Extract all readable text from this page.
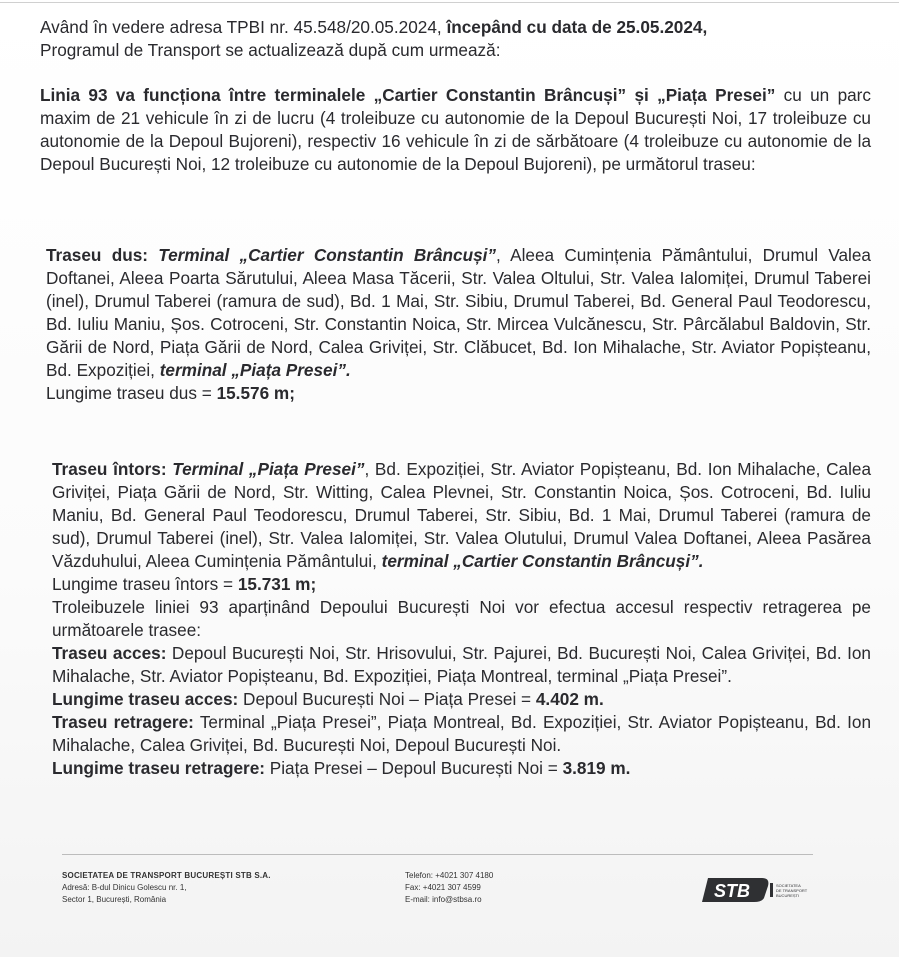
Având în vedere adresa TPBI nr. 45.548/20.05.2024, începând cu data de 25.05.2024,
Programul de Transport se actualizează după cum urmează:

Linia 93 va funcționa între terminalele „Cartier Constantin Brâncuși” și „Piața Presei” cu un parc maxim de 21 vehicule în zi de lucru (4 troleibuze cu autonomie de la Depoul București Noi, 17 troleibuze cu autonomie de la Depoul Bujoreni), respectiv 16 vehicule în zi de sărbătoare (4 troleibuze cu autonomie de la Depoul București Noi, 12 troleibuze cu autonomie de la Depoul Bujoreni), pe următorul traseu:

Traseu dus: Terminal „Cartier Constantin Brâncuși”, Aleea Cumințenia Pământului, Drumul Valea Doftanei, Aleea Poarta Sărutului, Aleea Masa Tăcerii, Str. Valea Oltului, Str. Valea Ialomiței, Drumul Taberei (inel), Drumul Taberei (ramura de sud), Bd. 1 Mai, Str. Sibiu, Drumul Taberei, Bd. General Paul Teodorescu, Bd. Iuliu Maniu, Șos. Cotroceni, Str. Constantin Noica, Str. Mircea Vulcănescu, Str. Pârcălabul Baldovin, Str. Gării de Nord, Piața Gării de Nord, Calea Griviței, Str. Clăbucet, Bd. Ion Mihalache, Str. Aviator Popișteanu, Bd. Expoziției, terminal „Piața Presei”.

Lungime traseu dus = 15.576 m;

Traseu întors: Terminal „Piața Presei”, Bd. Expoziției, Str. Aviator Popișteanu, Bd. Ion Mihalache, Calea Griviței, Piața Gării de Nord, Str. Witting, Calea Plevnei, Str. Constantin Noica, Șos. Cotroceni, Bd. Iuliu Maniu, Bd. General Paul Teodorescu, Drumul Taberei, Str. Sibiu, Bd. 1 Mai, Drumul Taberei (ramura de sud), Drumul Taberei (inel), Str. Valea Ialomiței, Str. Valea Olutului, Drumul Valea Doftanei, Aleea Pasărea Văzduhului, Aleea Cumințenia Pământului, terminal „Cartier Constantin Brâncuși”.

Lungime traseu întors = 15.731 m;

Troleibuzele liniei 93 aparținând Depoului București Noi vor efectua accesul respectiv retragerea pe următoarele trasee:

Traseu acces: Depoul București Noi, Str. Hrisovului, Str. Pajurei, Bd. București Noi, Calea Griviței, Bd. Ion Mihalache, Str. Aviator Popișteanu, Bd. Expoziției, Piața Montreal, terminal „Piața Presei”.

Lungime traseu acces: Depoul București Noi – Piața Presei = 4.402 m.

Traseu retragere: Terminal „Piața Presei”, Piața Montreal, Bd. Expoziției, Str. Aviator Popișteanu, Bd. Ion Mihalache, Calea Griviței, Bd. București Noi, Depoul București Noi.

Lungime traseu retragere: Piața Presei – Depoul București Noi = 3.819 m.

SOCIETATEA DE TRANSPORT BUCUREȘTI STB S.A.
Adresă: B-dul Dinicu Golescu nr. 1,
Sector 1, București, România
Telefon: +4021 307 4180
Fax: +4021 307 4599
E-mail: info@stbsa.ro	STB	SOCIETATEA DE TRANSPORT BUCUREȘTI
